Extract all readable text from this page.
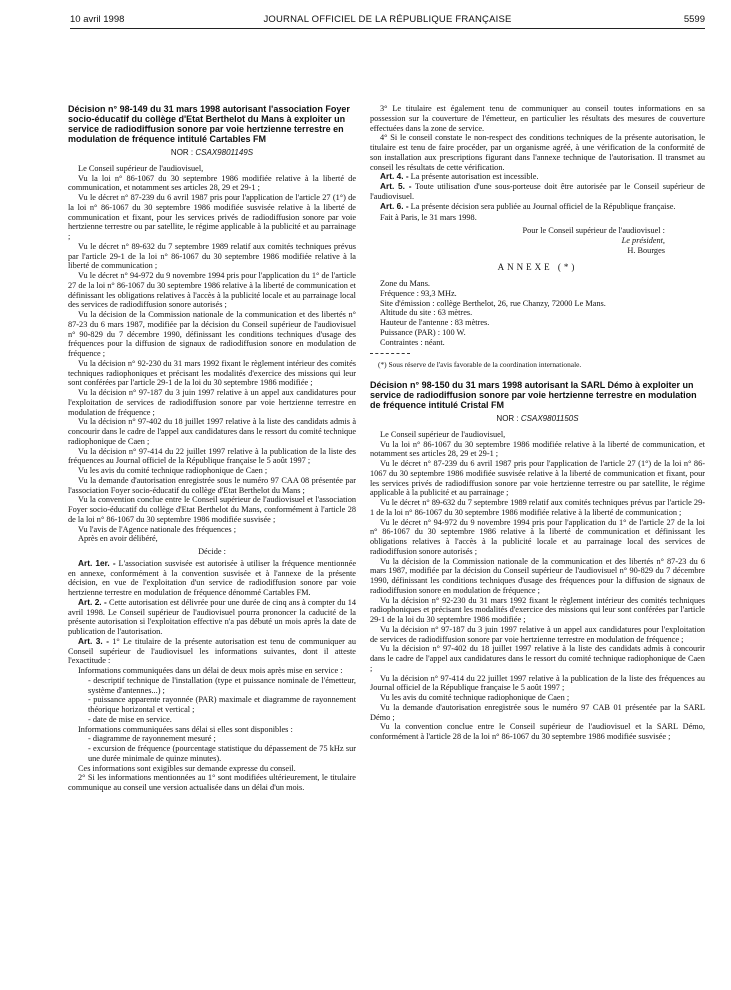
10 avril 1998	JOURNAL OFFICIEL DE LA RÉPUBLIQUE FRANÇAISE	5599
Décision n° 98-149 du 31 mars 1998 autorisant l'association Foyer socio-éducatif du collège d'Etat Berthelot du Mans à exploiter un service de radiodiffusion sonore par voie hertzienne terrestre en modulation de fréquence intitulé Cartables FM
NOR : CSAX9801149S

Le Conseil supérieur de l'audiovisuel,

Vu la loi n° 86-1067 du 30 septembre 1986 modifiée relative à la liberté de communication, et notamment ses articles 28, 29 et 29-1 ;

Vu le décret n° 87-239 du 6 avril 1987 pris pour l'application de l'article 27 (1°) de la loi n° 86-1067 du 30 septembre 1986 modifiée susvisée relative à la liberté de communication et fixant, pour les services privés de radiodiffusion sonore par voie hertzienne terrestre ou par satellite, le régime applicable à la publicité et au parrainage ;

Vu le décret n° 89-632 du 7 septembre 1989 relatif aux comités techniques prévus par l'article 29-1 de la loi n° 86-1067 du 30 septembre 1986 modifiée relative à la liberté de communication ;

Vu le décret n° 94-972 du 9 novembre 1994 pris pour l'application du 1° de l'article 27 de la loi n° 86-1067 du 30 septembre 1986 relative à la liberté de communication et définissant les obligations relatives à l'accès à la publicité locale et au parrainage local des services de radiodiffusion sonore autorisés ;

Vu la décision de la Commission nationale de la communication et des libertés n° 87-23 du 6 mars 1987, modifiée par la décision du Conseil supérieur de l'audiovisuel n° 90-829 du 7 décembre 1990, définissant les conditions techniques d'usage des fréquences pour la diffusion de signaux de radiodiffusion sonore en modulation de fréquence ;

Vu la décision n° 92-230 du 31 mars 1992 fixant le règlement intérieur des comités techniques radiophoniques et précisant les modalités d'exercice des missions qui leur sont conférées par l'article 29-1 de la loi du 30 septembre 1986 modifiée ;

Vu la décision n° 97-187 du 3 juin 1997 relative à un appel aux candidatures pour l'exploitation de services de radiodiffusion sonore par voie hertzienne terrestre en modulation de fréquence ;

Vu la décision n° 97-402 du 18 juillet 1997 relative à la liste des candidats admis à concourir dans le cadre de l'appel aux candidatures dans le ressort du comité technique radiophonique de Caen ;

Vu la décision n° 97-414 du 22 juillet 1997 relative à la publication de la liste des fréquences au Journal officiel de la République française le 5 août 1997 ;

Vu les avis du comité technique radiophonique de Caen ;

Vu la demande d'autorisation enregistrée sous le numéro 97 CAA 08 présentée par l'association Foyer socio-éducatif du collège d'Etat Berthelot du Mans ;

Vu la convention conclue entre le Conseil supérieur de l'audiovisuel et l'association Foyer socio-éducatif du collège d'Etat Berthelot du Mans, conformément à l'article 28 de la loi n° 86-1067 du 30 septembre 1986 modifiée susvisée ;

Vu l'avis de l'Agence nationale des fréquences ;

Après en avoir délibéré,

Décide :

Art. 1er. - L'association susvisée est autorisée à utiliser la fréquence mentionnée en annexe, conformément à la convention susvisée et à l'annexe de la présente décision, en vue de l'exploitation d'un service de radiodiffusion sonore par voie hertzienne terrestre en modulation de fréquence dénommé Cartables FM.

Art. 2. - Cette autorisation est délivrée pour une durée de cinq ans à compter du 14 avril 1998. Le Conseil supérieur de l'audiovisuel pourra prononcer la caducité de la présente autorisation si l'exploitation effective n'a pas débuté un mois après la date de publication de l'autorisation.

Art. 3. - 1° Le titulaire de la présente autorisation est tenu de communiquer au Conseil supérieur de l'audiovisuel les informations suivantes, dont il atteste l'exactitude :

Informations communiquées dans un délai de deux mois après mise en service :

- descriptif technique de l'installation (type et puissance nominale de l'émetteur, système d'antennes...) ;

- puissance apparente rayonnée (PAR) maximale et diagramme de rayonnement théorique horizontal et vertical ;

- date de mise en service.

Informations communiquées sans délai si elles sont disponibles :

- diagramme de rayonnement mesuré ;

- excursion de fréquence (pourcentage statistique du dépassement de 75 kHz sur une durée minimale de quinze minutes).

Ces informations sont exigibles sur demande expresse du conseil.

2° Si les informations mentionnées au 1° sont modifiées ultérieurement, le titulaire communique au conseil une version actualisée dans un délai d'un mois.

3° Le titulaire est également tenu de communiquer au conseil toutes informations en sa possession sur la couverture de l'émetteur, en particulier les résultats des mesures de couverture effectuées dans la zone de service.

4° Si le conseil constate le non-respect des conditions techniques de la présente autorisation, le titulaire est tenu de faire procéder, par un organisme agréé, à une vérification de la conformité de son installation aux prescriptions figurant dans l'annexe technique de l'autorisation. Il transmet au conseil les résultats de cette vérification.

Art. 4. - La présente autorisation est incessible.

Art. 5. - Toute utilisation d'une sous-porteuse doit être autorisée par le Conseil supérieur de l'audiovisuel.

Art. 6. - La présente décision sera publiée au Journal officiel de la République française.

Fait à Paris, le 31 mars 1998.

Pour le Conseil supérieur de l'audiovisuel :

Le président,

H. Bourges

ANNEXE (*)

Zone du Mans.

Fréquence : 93,3 MHz.

Site d'émission : collège Berthelot, 26, rue Chanzy, 72000 Le Mans.

Altitude du site : 63 mètres.

Hauteur de l'antenne : 83 mètres.

Puissance (PAR) : 100 W.

Contraintes : néant.

(*) Sous réserve de l'avis favorable de la coordination internationale.

Décision n° 98-150 du 31 mars 1998 autorisant la SARL Démo à exploiter un service de radiodiffusion sonore par voie hertzienne terrestre en modulation de fréquence intitulé Cristal FM
NOR : CSAX9801150S

Le Conseil supérieur de l'audiovisuel,

Vu la loi n° 86-1067 du 30 septembre 1986 modifiée relative à la liberté de communication, et notamment ses articles 28, 29 et 29-1 ;

Vu le décret n° 87-239 du 6 avril 1987 pris pour l'application de l'article 27 (1°) de la loi n° 86-1067 du 30 septembre 1986 modifiée susvisée relative à la liberté de communication et fixant, pour les services privés de radiodiffusion sonore par voie hertzienne terrestre ou par satellite, le régime applicable à la publicité et au parrainage ;

Vu le décret n° 89-632 du 7 septembre 1989 relatif aux comités techniques prévus par l'article 29-1 de la loi n° 86-1067 du 30 septembre 1986 modifiée relative à la liberté de communication ;

Vu le décret n° 94-972 du 9 novembre 1994 pris pour l'application du 1° de l'article 27 de la loi n° 86-1067 du 30 septembre 1986 relative à la liberté de communication et définissant les obligations relatives à l'accès à la publicité locale et au parrainage local des services de radiodiffusion sonore autorisés ;

Vu la décision de la Commission nationale de la communication et des libertés n° 87-23 du 6 mars 1987, modifiée par la décision du Conseil supérieur de l'audiovisuel n° 90-829 du 7 décembre 1990, définissant les conditions techniques d'usage des fréquences pour la diffusion de signaux de radiodiffusion sonore en modulation de fréquence ;

Vu la décision n° 92-230 du 31 mars 1992 fixant le règlement intérieur des comités techniques radiophoniques et précisant les modalités d'exercice des missions qui leur sont conférées par l'article 29-1 de la loi du 30 septembre 1986 modifiée ;

Vu la décision n° 97-187 du 3 juin 1997 relative à un appel aux candidatures pour l'exploitation de services de radiodiffusion sonore par voie hertzienne terrestre en modulation de fréquence ;

Vu la décision n° 97-402 du 18 juillet 1997 relative à la liste des candidats admis à concourir dans le cadre de l'appel aux candidatures dans le ressort du comité technique radiophonique de Caen ;

Vu la décision n° 97-414 du 22 juillet 1997 relative à la publication de la liste des fréquences au Journal officiel de la République française le 5 août 1997 ;

Vu les avis du comité technique radiophonique de Caen ;

Vu la demande d'autorisation enregistrée sous le numéro 97 CAB 01 présentée par la SARL Démo ;

Vu la convention conclue entre le Conseil supérieur de l'audiovisuel et la SARL Démo, conformément à l'article 28 de la loi n° 86-1067 du 30 septembre 1986 modifiée susvisée ;
